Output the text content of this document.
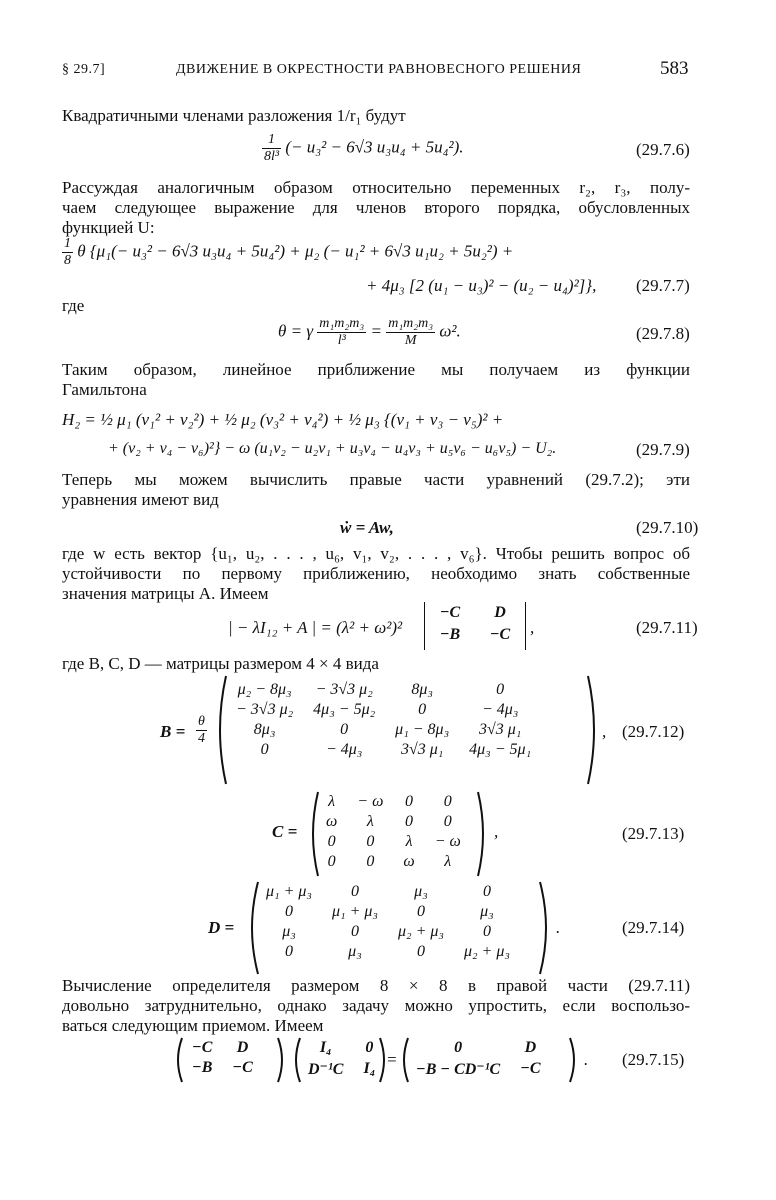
§ 29.7]	ДВИЖЕНИЕ В ОКРЕСТНОСТИ РАВНОВЕСНОГО РЕШЕНИЯ	583
Квадратичными членами разложения 1/r₁ будут
$\frac{1}{\text{8l³}}$ (− u₃² − 6√3 u₃u₄ + 5u₄²).	(29.7.6)
Рассуждая аналогичным образом относительно переменных r₂, r₃, полу-
чаем следующее выражение для членов второго порядка, обусловленных
функцией U:
$\frac{1}{8}$ θ {μ₁(− u₃² − 6√3 u₃u₄ + 5u₄²) + μ₂ (− u₁² + 6√3 u₁u₂ + 5u₂²) +
+ 4μ₃ [2 (u₁ − u₃)² − (u₂ − u₄)²]}, (29.7.7)
где
θ = γ $\frac{\text{m₁m₂m₃}}{\text{l³}} = \frac{\text{m₁m₂m₃}}{M} \omega^2$.	(29.7.8)
Таким образом, линейное приближение мы получаем из функции
Гамильтона
H₂ = ½ μ₁ (v₁² + v₂²) + ½ μ₂ (v₃² + v₄²) + ½ μ₃ {(v₁ + v₃ − v₅)² +
+ (v₂ + v₄ − v₆)²} − ω (u₁v₂ − u₂v₁ + u₃v₄ − u₄v₃ + u₅v₆ − u₆v₅) − U₂.	(29.7.9)
Теперь мы можем вычислить правые части уравнений (29.7.2); эти
уравнения имеют вид
ẇ = Aw,	(29.7.10)
где w есть вектор {u₁, u₂, . . . , u₆, v₁, v₂, . . . , v₆}. Чтобы решить вопрос об
устойчивости по первому приближению, необходимо знать собственные
значения матрицы A. Имеем
| − λI₁₂ + A | = (λ² + ω²)²
−C	D
−B	−C ,	(29.7.11)
где B, C, D — матрицы размером 4 × 4 вида
$B = \frac{\theta}{4}$
μ₂ − 8μ₃	− 3√3 μ₂	8μ₃	0
− 3√3 μ₂	4μ₃ − 5μ₂	0	− 4μ₃
8μ₃	0	μ₁ − 8μ₃	3√3 μ₁
0	− 4μ₃	3√3 μ₁	4μ₃ − 5μ₁
, (29.7.12)
C =
λ	− ω	0	0
ω	λ	0	0
0	0	λ	− ω
0	0	ω	λ
,	(29.7.13)
D =
μ₁ + μ₃	0	μ₃	0
0	μ₁ + μ₃	0	μ₃
μ₃	0	μ₂ + μ₃	0
0	μ₃	0	μ₂ + μ₃
.	(29.7.14)
Вычисление определителя размером 8 × 8 в правой части (29.7.11)
довольно затруднительно, однако задачу можно упростить, если воспользо-
ваться следующим приемом. Имеем
−C	D
−B	−C
I₄	0
D⁻¹C	I₄ =
0	D
−B − CD⁻¹C	−C	. (29.7.15)
